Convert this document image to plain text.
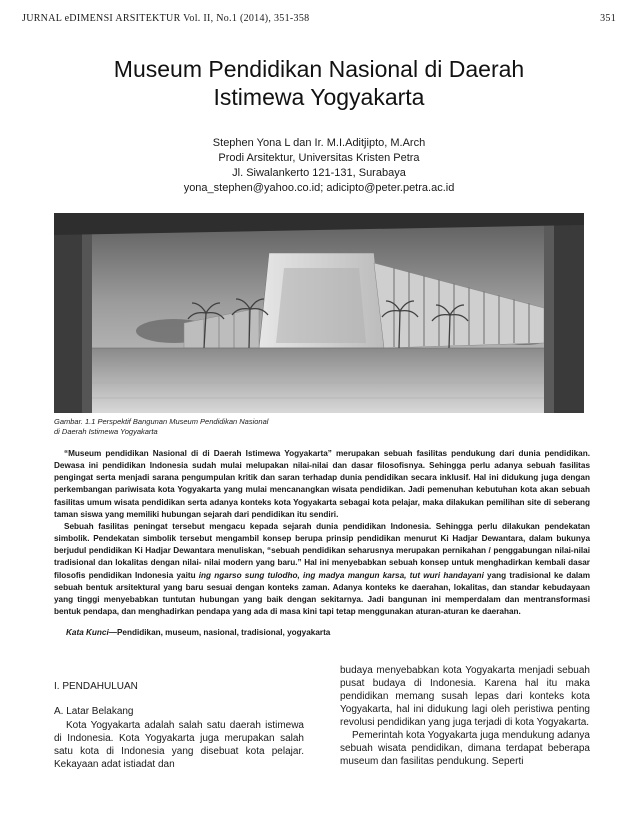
JURNAL eDIMENSI ARSITEKTUR Vol. II, No.1 (2014), 351-358	351
Museum Pendidikan Nasional di Daerah
Istimewa Yogyakarta
Stephen Yona L dan Ir. M.I.Aditjipto, M.Arch
Prodi Arsitektur, Universitas Kristen Petra
Jl. Siwalankerto 121-131, Surabaya
yona_stephen@yahoo.co.id; adicipto@peter.petra.ac.id
Gambar. 1.1 Perspektif Bangunan Museum Pendidikan Nasional
di Daerah Istimewa Yogyakarta

“Museum pendidikan Nasional di di Daerah Istimewa Yogyakarta” merupakan sebuah fasilitas pendukung dari dunia pendidikan. Dewasa ini pendidikan Indonesia sudah mulai melupakan nilai-nilai dan dasar filosofisnya. Sehingga perlu adanya sebuah fasilitas pengingat serta menjadi sarana pengumpulan kritik dan saran terhadap dunia pendidikan secara inklusif. Hal ini didukung juga dengan perkembangan pariwisata kota Yogyakarta yang mulai mencanangkan wisata pendidikan. Jadi pemenuhan kebutuhan kota akan sebuah fasilitas umum wisata pendidikan serta adanya konteks kota Yogyakarta sebagai kota pelajar, maka dilakukan pemilihan site di seberang taman siswa yang memiliki hubungan sejarah dari pendidikan itu sendiri.

Sebuah fasilitas peningat tersebut mengacu kepada sejarah dunia pendidikan Indonesia. Sehingga perlu dilakukan pendekatan simbolik. Pendekatan simbolik tersebut mengambil konsep berupa prinsip pendidikan menurut Ki Hadjar Dewantara, dalam bukunya berjudul pendidikan Ki Hadjar Dewantara menuliskan, “sebuah pendidikan seharusnya merupakan pernikahan / penggabungan nilai-nilai tradisional dan lokalitas dengan nilai- nilai modern yang baru.” Hal ini menyebabkan sebuah konsep untuk menghadirkan kembali dasar filosofis pendidikan Indonesia yaitu ing ngarso sung tulodho, ing madya mangun karsa, tut wuri handayani yang tradisional ke dalam sebuah bentuk arsitektural yang baru sesuai dengan konteks zaman. Adanya konteks ke daerahan, lokalitas, dan standar kebudayaan yang tinggi menyebabkan tuntutan hubungan yang baik dengan sekitarnya. Jadi bangunan ini memperdalam dan mentransformasi bentuk pendapa, dan menghadirkan pendapa yang ada di masa kini tapi tetap menggunakan aturan-aturan ke daerahan.

Kata Kunci—Pendidikan, museum, nasional, tradisional, yogyakarta
I. PENDAHULUAN
A. Latar Belakang
Kota Yogyakarta adalah salah satu daerah istimewa di Indonesia. Kota Yogyakarta juga merupakan salah satu kota di Indonesia yang disebuat kota pelajar. Kekayaan adat istiadat dan

budaya menyebabkan kota Yogyakarta menjadi sebuah pusat budaya di Indonesia. Karena hal itu maka pendidikan memang susah lepas dari konteks kota Yogyakarta, hal ini didukung lagi oleh peristiwa penting revolusi pendidikan yang juga terjadi di kota Yogyakarta.

Pemerintah kota Yogyakarta juga mendukung adanya sebuah wisata pendidikan, dimana terdapat beberapa museum dan fasilitas pendukung. Seperti
